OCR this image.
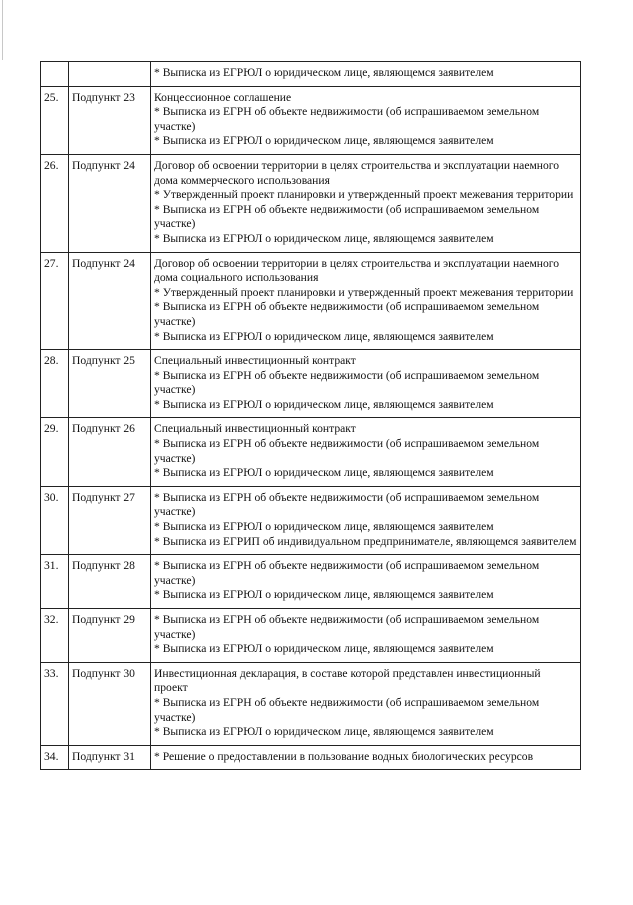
		* Выписка из ЕГРЮЛ о юридическом лице, являющемся заявителем

25.	Подпункт 23	Концессионное соглашение
* Выписка из ЕГРН об объекте недвижимости (об испрашиваемом земельном участке)
* Выписка из ЕГРЮЛ о юридическом лице, являющемся заявителем

26.	Подпункт 24	Договор об освоении территории в целях строительства и эксплуатации наемного дома коммерческого использования
* Утвержденный проект планировки и утвержденный проект межевания территории
* Выписка из ЕГРН об объекте недвижимости (об испрашиваемом земельном участке)
* Выписка из ЕГРЮЛ о юридическом лице, являющемся заявителем

27.	Подпункт 24	Договор об освоении территории в целях строительства и эксплуатации наемного дома социального использования
* Утвержденный проект планировки и утвержденный проект межевания территории
* Выписка из ЕГРН об объекте недвижимости (об испрашиваемом земельном участке)
* Выписка из ЕГРЮЛ о юридическом лице, являющемся заявителем

28.	Подпункт 25	Специальный инвестиционный контракт
* Выписка из ЕГРН об объекте недвижимости (об испрашиваемом земельном участке)
* Выписка из ЕГРЮЛ о юридическом лице, являющемся заявителем

29.	Подпункт 26	Специальный инвестиционный контракт
* Выписка из ЕГРН об объекте недвижимости (об испрашиваемом земельном участке)
* Выписка из ЕГРЮЛ о юридическом лице, являющемся заявителем

30.	Подпункт 27	* Выписка из ЕГРН об объекте недвижимости (об испрашиваемом земельном участке)
* Выписка из ЕГРЮЛ о юридическом лице, являющемся заявителем
* Выписка из ЕГРИП об индивидуальном предпринимателе, являющемся заявителем

31.	Подпункт 28	* Выписка из ЕГРН об объекте недвижимости (об испрашиваемом земельном участке)
* Выписка из ЕГРЮЛ о юридическом лице, являющемся заявителем

32.	Подпункт 29	* Выписка из ЕГРН об объекте недвижимости (об испрашиваемом земельном участке)
* Выписка из ЕГРЮЛ о юридическом лице, являющемся заявителем

33.	Подпункт 30	Инвестиционная декларация, в составе которой представлен инвестиционный проект
* Выписка из ЕГРН об объекте недвижимости (об испрашиваемом земельном участке)
* Выписка из ЕГРЮЛ о юридическом лице, являющемся заявителем

34.	Подпункт 31	* Решение о предоставлении в пользование водных биологических ресурсов
